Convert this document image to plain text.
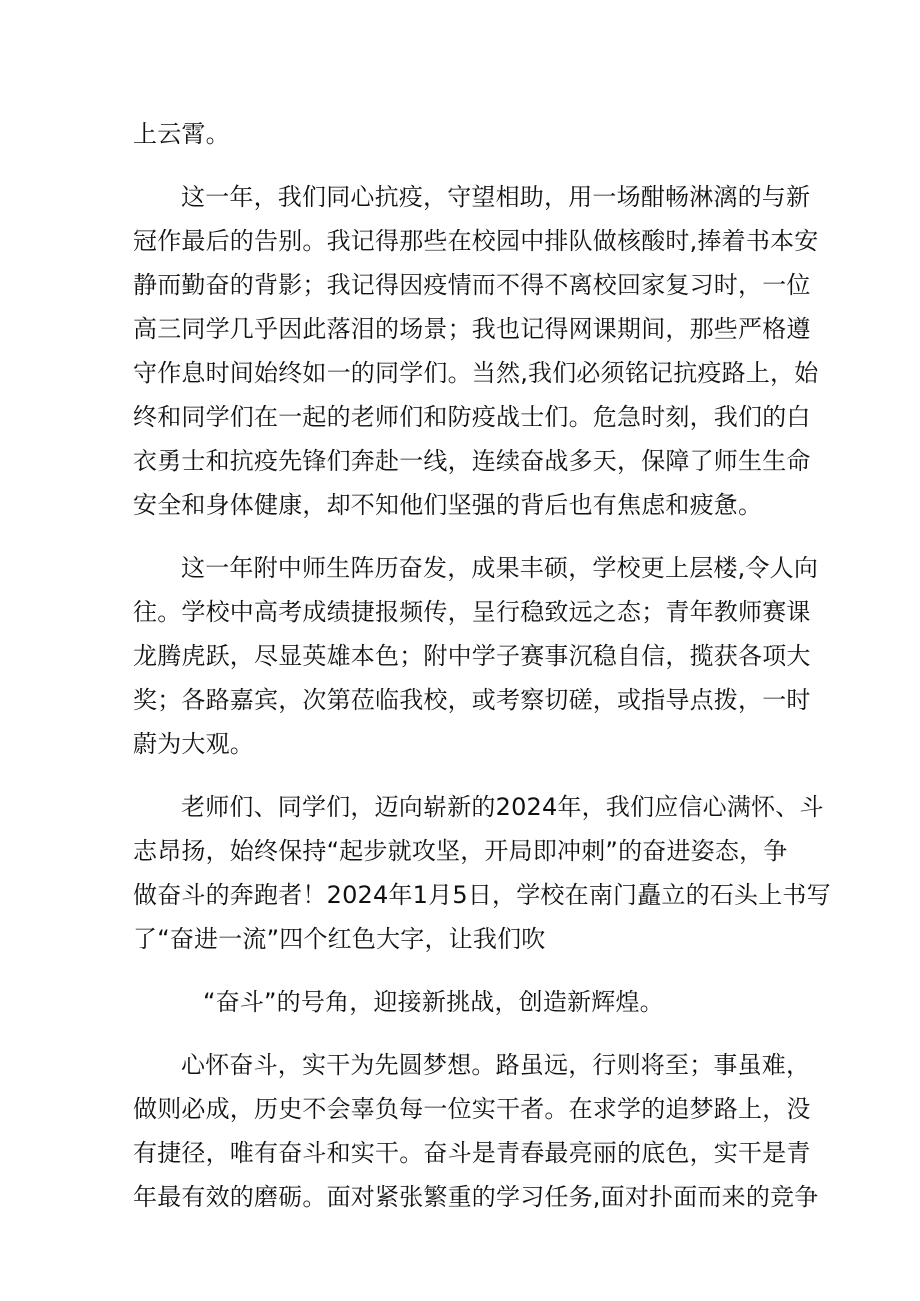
上云霄。
这一年，我们同心抗疫，守望相助，用一场酣畅淋漓的与新
冠作最后的告别。我记得那些在校园中排队做核酸时,捧着书本安
静而勤奋的背影；我记得因疫情而不得不离校回家复习时，一位
高三同学几乎因此落泪的场景；我也记得网课期间，那些严格遵
守作息时间始终如一的同学们。当然,我们必须铭记抗疫路上，始
终和同学们在一起的老师们和防疫战士们。危急时刻，我们的白
衣勇士和抗疫先锋们奔赴一线，连续奋战多天，保障了师生生命
安全和身体健康，却不知他们坚强的背后也有焦虑和疲惫。
这一年附中师生阵历奋发，成果丰硕，学校更上层楼,令人向
往。学校中高考成绩捷报频传，呈行稳致远之态；青年教师赛课
龙腾虎跃，尽显英雄本色；附中学子赛事沉稳自信，揽获各项大
奖；各路嘉宾，次第莅临我校，或考察切磋，或指导点拨，一时
蔚为大观。
老师们、同学们，迈向崭新的2024年，我们应信心满怀、斗
志昂扬，始终保持“起步就攻坚，开局即冲刺”的奋进姿态，争
做奋斗的奔跑者！2024年1月5日，学校在南门矗立的石头上书写
了“奋进一流”四个红色大字，让我们吹
“奋斗”的号角，迎接新挑战，创造新辉煌。
心怀奋斗，实干为先圆梦想。路虽远，行则将至；事虽难，
做则必成，历史不会辜负每一位实干者。在求学的追梦路上，没
有捷径，唯有奋斗和实干。奋斗是青春最亮丽的底色，实干是青
年最有效的磨砺。面对紧张繁重的学习任务,面对扑面而来的竞争
